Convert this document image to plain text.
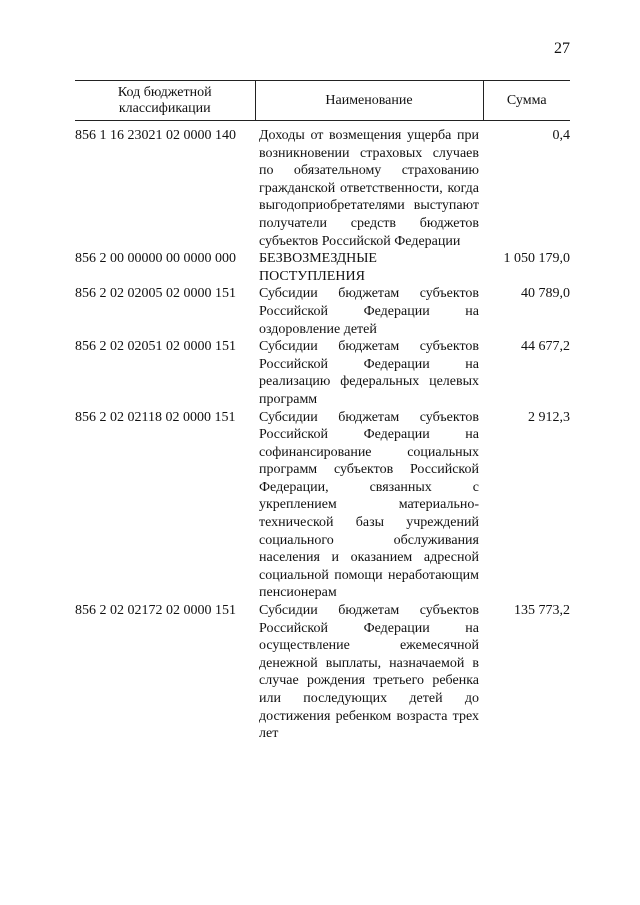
27
Код бюджетной классификации	Наименование	Сумма
856 1 16 23021 02 0000 140	Доходы от возмещения ущерба при возникновении страховых случаев по обязательному страхованию гражданской ответственности, когда выгодоприобретателями выступают получатели средств бюджетов субъектов Российской Федерации	0,4
856 2 00 00000 00 0000 000	БЕЗВОЗМЕЗДНЫЕ ПОСТУПЛЕНИЯ	1 050 179,0
856 2 02 02005 02 0000 151	Субсидии бюджетам субъектов Российской Федерации на оздоровление детей	40 789,0
856 2 02 02051 02 0000 151	Субсидии бюджетам субъектов Российской Федерации на реализацию федеральных целевых программ	44 677,2
856 2 02 02118 02 0000 151	Субсидии бюджетам субъектов Российской Федерации на софинансирование социальных программ субъектов Российской Федерации, связанных с укреплением материально-технической базы учреждений социального обслуживания населения и оказанием адресной социальной помощи неработающим пенсионерам	2 912,3
856 2 02 02172 02 0000 151	Субсидии бюджетам субъектов Российской Федерации на осуществление ежемесячной денежной выплаты, назначаемой в случае рождения третьего ребенка или последующих детей до достижения ребенком возраста трех лет	135 773,2
